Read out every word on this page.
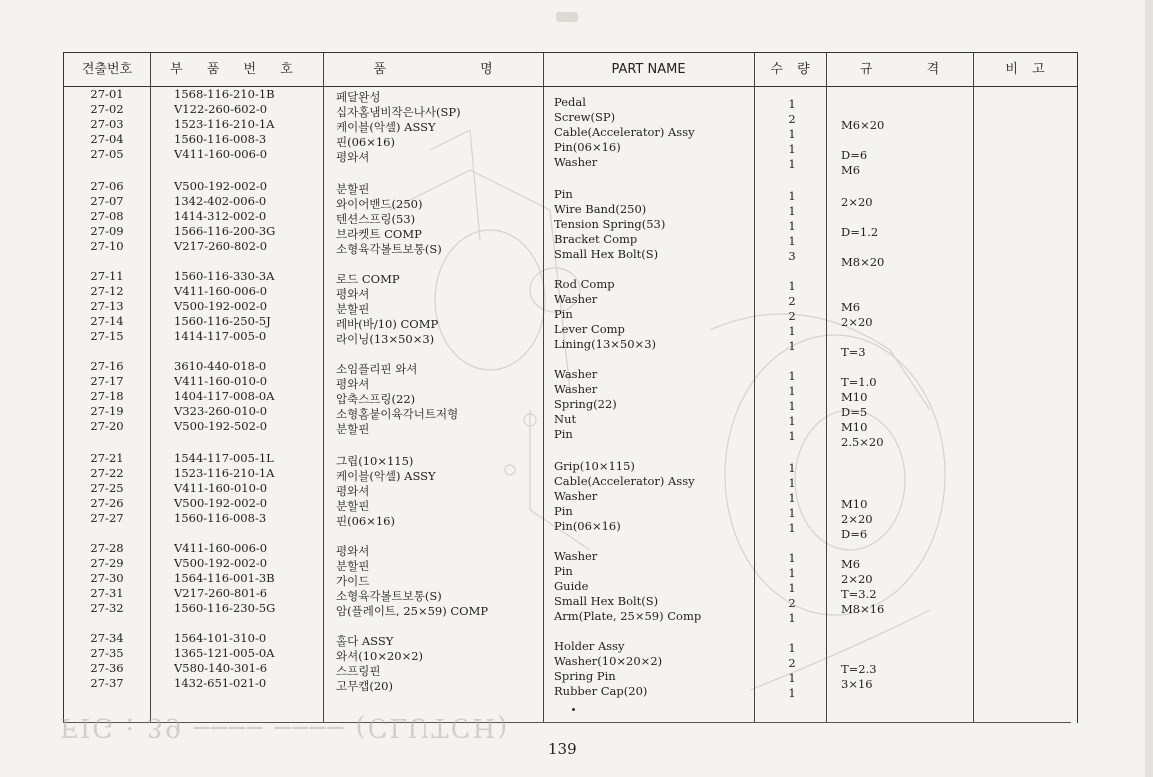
견출번호	부 품 번 호	품 명	PART NAME	수 량	규 격	비 고
27-01	1568-116-210-1B	페달완성	Pedal	1
27-02	V122-260-602-0	십자홈냄비작은나사(SP)	Screw(SP)	2	M6×20
27-03	1523-116-210-1A	케이블(악셀) ASSY	Cable(Accelerator) Assy	1
27-04	1560-116-008-3	핀(06×16)	Pin(06×16)	1	D=6
27-05	V411-160-006-0	평와셔	Washer	1	M6
27-06	V500-192-002-0	분할핀	Pin	1	2×20
27-07	1342-402-006-0	와이어밴드(250)	Wire Band(250)	1
27-08	1414-312-002-0	텐션스프링(53)	Tension Spring(53)	1	D=1.2
27-09	1566-116-200-3G	브라켓트 COMP	Bracket Comp	1
27-10	V217-260-802-0	소형육각볼트보통(S)	Small Hex Bolt(S)	3	M8×20
27-11	1560-116-330-3A	로드 COMP	Rod Comp	1
27-12	V411-160-006-0	평와셔	Washer	2	M6
27-13	V500-192-002-0	분할핀	Pin	2	2×20
27-14	1560-116-250-5J	레바(바/10) COMP	Lever Comp	1
27-15	1414-117-005-0	라이닝(13×50×3)	Lining(13×50×3)	1	T=3
27-16	3610-440-018-0	소임플리핀 와셔	Washer	1	T=1.0
27-17	V411-160-010-0	평와셔	Washer	1	M10
27-18	1404-117-008-0A	압축스프링(22)	Spring(22)	1	D=5
27-19	V323-260-010-0	소형홈붙이육각너트저형	Nut	1	M10
27-20	V500-192-502-0	분할핀	Pin	1	2.5×20
27-21	1544-117-005-1L	그립(10×115)	Grip(10×115)	1
27-22	1523-116-210-1A	케이블(악셀) ASSY	Cable(Accelerator) Assy	1
27-25	V411-160-010-0	평와셔	Washer	1	M10
27-26	V500-192-002-0	분할핀	Pin	1	2×20
27-27	1560-116-008-3	핀(06×16)	Pin(06×16)	1	D=6
27-28	V411-160-006-0	평와셔	Washer	1	M6
27-29	V500-192-002-0	분할핀	Pin	1	2×20
27-30	1564-116-001-3B	가이드	Guide	1	T=3.2
27-31	V217-260-801-6	소형육각볼트보통(S)	Small Hex Bolt(S)	2	M8×16
27-32	1560-116-230-5G	암(플레이트, 25×59) COMP	Arm(Plate, 25×59) Comp	1
27-34	1564-101-310-0	홀다 ASSY	Holder Assy	1
27-35	1365-121-005-0A	와셔(10×20×2)	Washer(10×20×2)	2	T=2.3
27-36	V580-140-301-6	스프링핀	Spring Pin	1	3×16
27-37	1432-651-021-0	고무캡(20)	Rubber Cap(20)	1
FIG : 39 ──── ──── (CLUTCH)
139
